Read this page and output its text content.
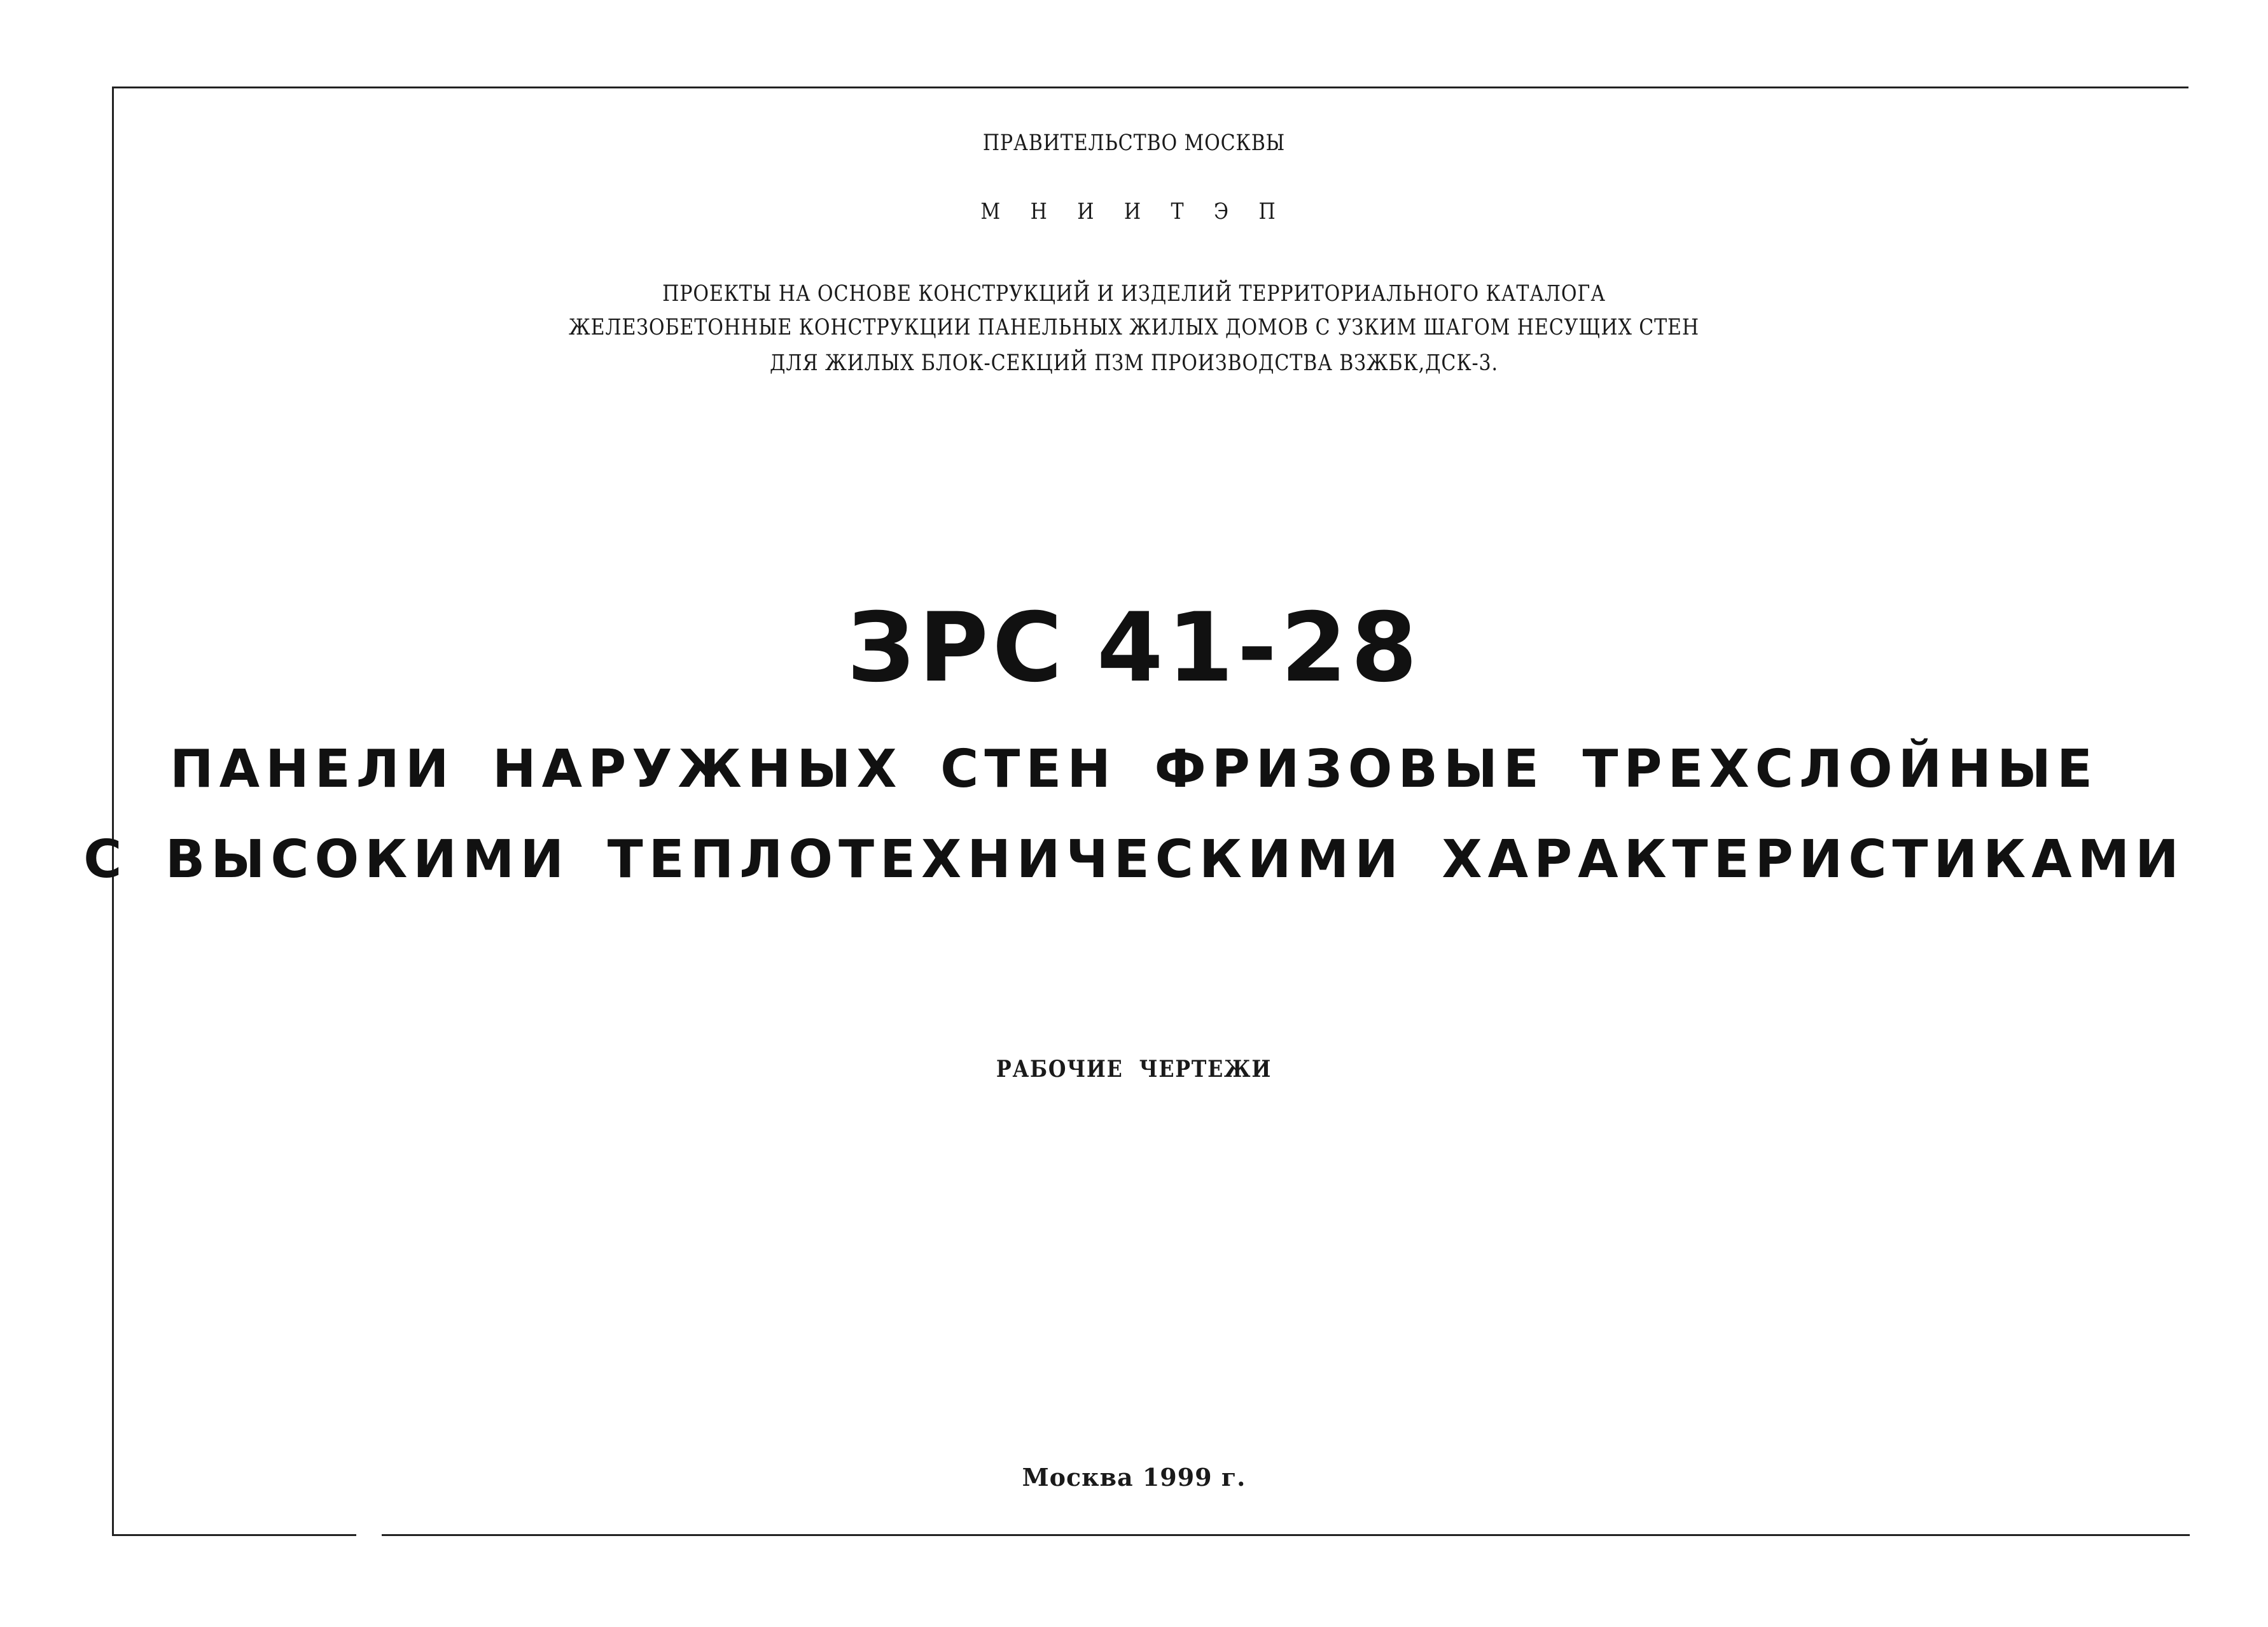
ПРАВИТЕЛЬСТВО МОСКВЫ
М Н И И Т Э П
ПРОЕКТЫ НА ОСНОВЕ КОНСТРУКЦИЙ И ИЗДЕЛИЙ ТЕРРИТОРИАЛЬНОГО КАТАЛОГА
ЖЕЛЕЗОБЕТОННЫЕ КОНСТРУКЦИИ ПАНЕЛЬНЫХ ЖИЛЫХ ДОМОВ С УЗКИМ ШАГОМ НЕСУЩИХ СТЕН
ДЛЯ ЖИЛЫХ БЛОК-СЕКЦИЙ ПЗМ ПРОИЗВОДСТВА ВЗЖБК,ДСК-3.
ЗРС 41-28
ПАНЕЛИ НАРУЖНЫХ СТЕН ФРИЗОВЫЕ ТРЕХСЛОЙНЫЕ
С ВЫСОКИМИ ТЕПЛОТЕХНИЧЕСКИМИ ХАРАКТЕРИСТИКАМИ
РАБОЧИЕ ЧЕРТЕЖИ
Москва 1999 г.
